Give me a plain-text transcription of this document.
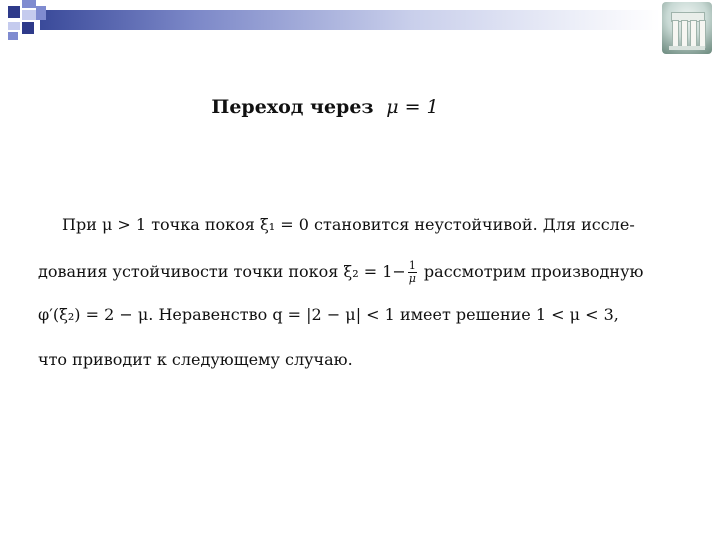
Переход через μ = 1
При μ > 1 точка покоя ξ₁ = 0 становится неустойчивой. Для иссле-
дования устойчивости точки покоя $\xi_2 = 1- \frac{1}{\mu}$ рассмотрим производную
φ′(ξ₂) = 2 − μ. Неравенство q = |2 − μ| < 1 имеет решение 1 < μ < 3,
что приводит к следующему случаю.
